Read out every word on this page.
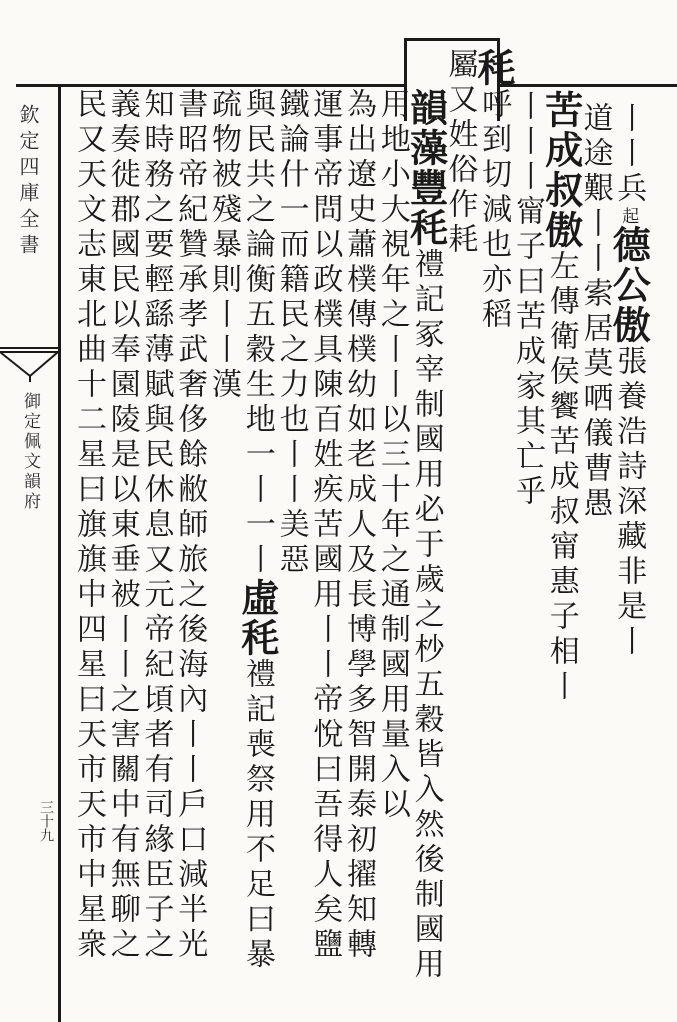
欽定四庫全書
御定佩文韻府
三十九
丨丨兵起德公傲張養浩詩深藏非是丨
道途艱丨丨索居莫哂儀曹愚
苦成叔傲左傳衛侯饗苦成叔甯惠子相丨
丨丨丨甯子曰苦成家其亡乎
秏呼到切減也亦稻
屬又姓俗作耗
韻藻豐秏禮記冢宰制國用必于歲之杪五穀皆入然後制國用
用地小大視年之丨丨以三十年之通制國用量入以
為出遼史蕭樸傳樸幼如老成人及長博學多智開泰初擢知轉
運事帝問以政樸具陳百姓疾苦國用丨丨帝悅曰吾得人矣鹽
鐵論什一而籍民之力也丨丨美惡
與民共之論衡五穀生地一丨一丨虛秏禮記喪祭用不足曰暴
疏物被殘暴則丨丨漢
書昭帝紀贊承孝武奢侈餘敝師旅之後海內丨丨戶口減半光
知時務之要輕繇薄賦與民休息又元帝紀頃者有司緣臣子之
義奏徙郡國民以奉園陵是以東垂被丨丨之害關中有無聊之
民又天文志東北曲十二星曰旗旗中四星曰天市天市中星衆
